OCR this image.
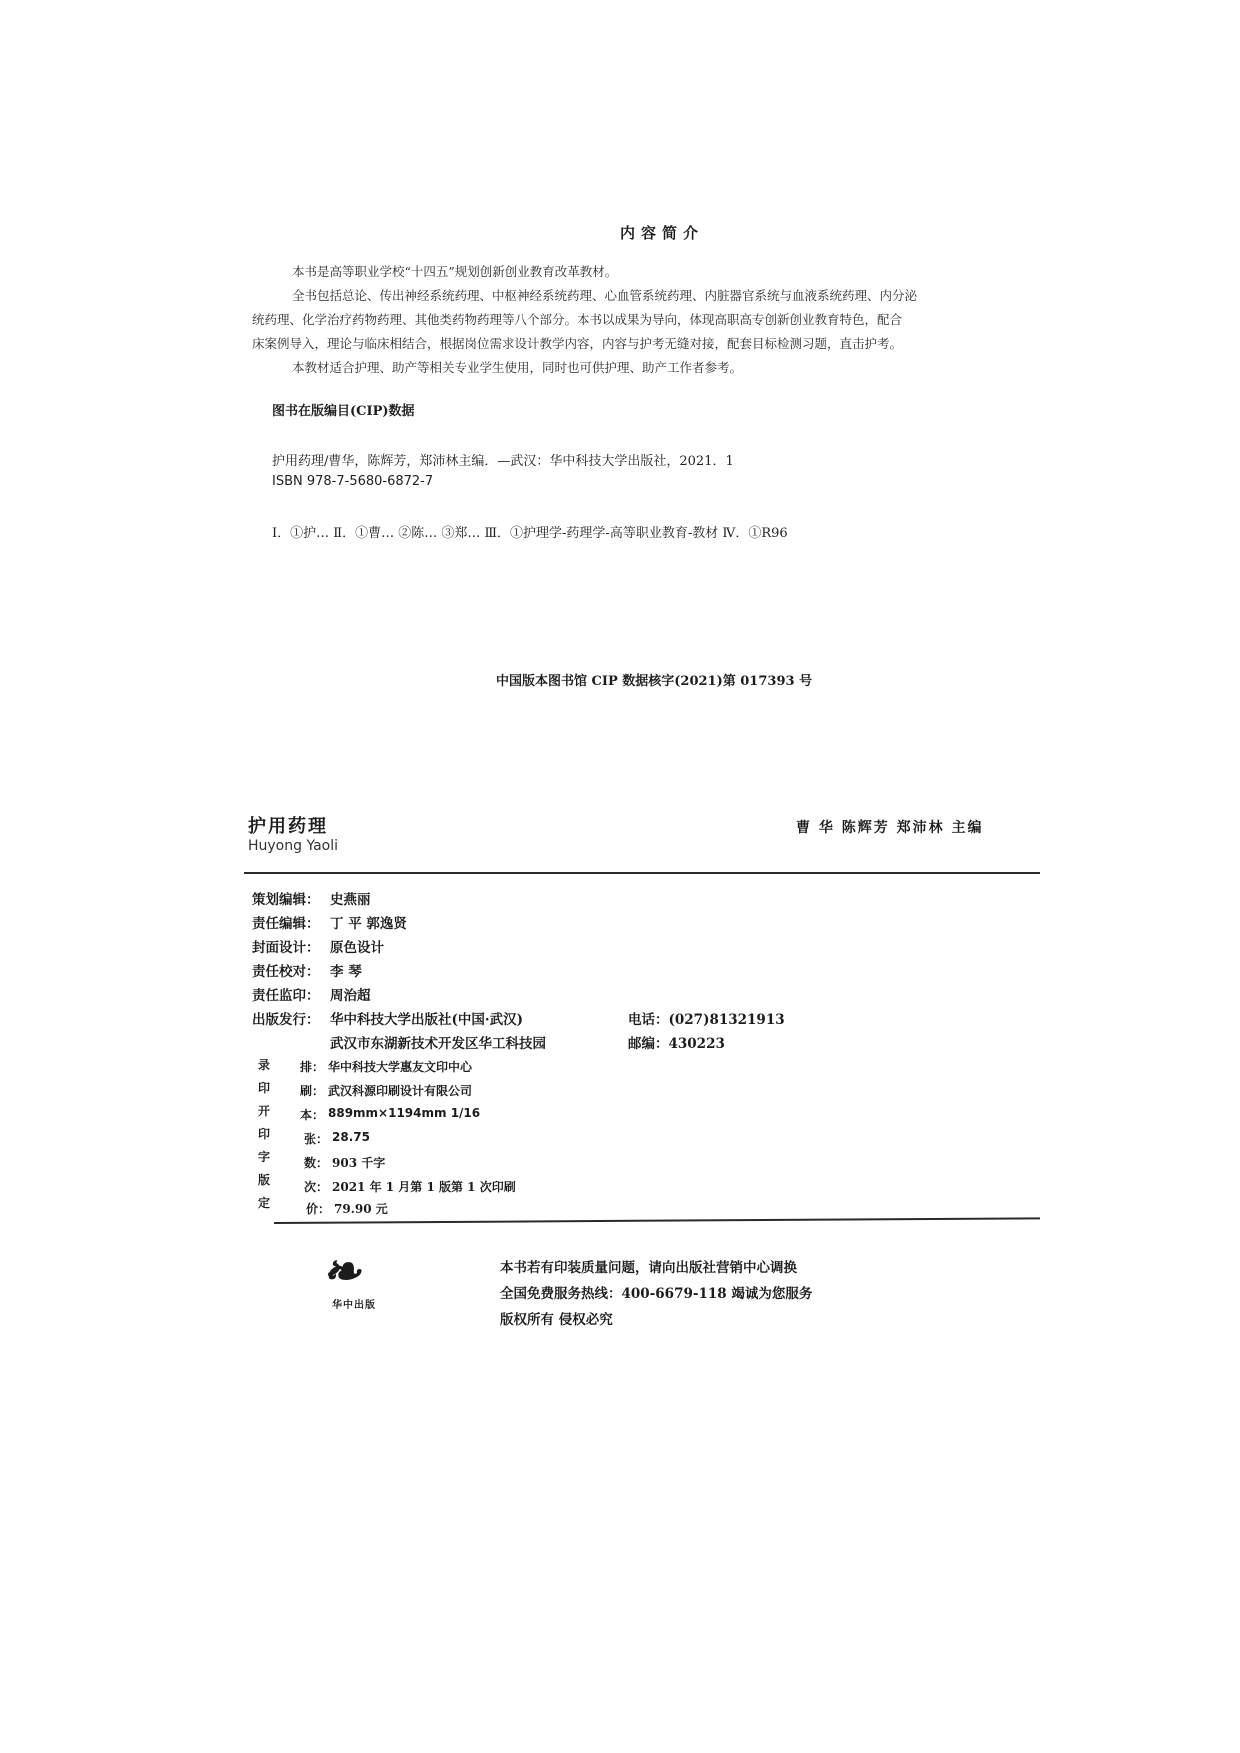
内容简介
本书是高等职业学校“十四五”规划创新创业教育改革教材。
全书包括总论、传出神经系统药理、中枢神经系统药理、心血管系统药理、内脏器官系统与血液系统药理、内分泌
统药理、化学治疗药物药理、其他类药物药理等八个部分。本书以成果为导向，体现高职高专创新创业教育特色，配合
床案例导入，理论与临床相结合，根据岗位需求设计教学内容，内容与护考无缝对接，配套目标检测习题，直击护考。
本教材适合护理、助产等相关专业学生使用，同时也可供护理、助产工作者参考。
图书在版编目(CIP)数据
护用药理/曹华，陈辉芳，郑沛林主编．—武汉：华中科技大学出版社，2021．1
ISBN 978-7-5680-6872-7
Ⅰ．①护… Ⅱ．①曹… ②陈… ③郑… Ⅲ．①护理学-药理学-高等职业教育-教材 Ⅳ．①R96
中国版本图书馆 CIP 数据核字(2021)第 017393 号
护用药理
Huyong Yaoli
曹 华 陈辉芳 郑沛林 主编
策划编辑： 史燕丽
责任编辑： 丁 平 郭逸贤
封面设计： 原色设计
责任校对： 李 琴
责任监印： 周治超
出版发行： 华中科技大学出版社(中国·武汉)
武汉市东湖新技术开发区华工科技园
电话：(027)81321913
邮编：430223
录
印
开
印
字
版
定
排： 华中科技大学惠友文印中心
刷： 武汉科源印刷设计有限公司
本： 889mm×1194mm 1/16
张： 28.75
数： 903 千字
次： 2021 年 1 月第 1 版第 1 次印刷
价： 79.90 元
❧
华中出版
本书若有印装质量问题，请向出版社营销中心调换
全国免费服务热线：400-6679-118 竭诚为您服务
版权所有 侵权必究
